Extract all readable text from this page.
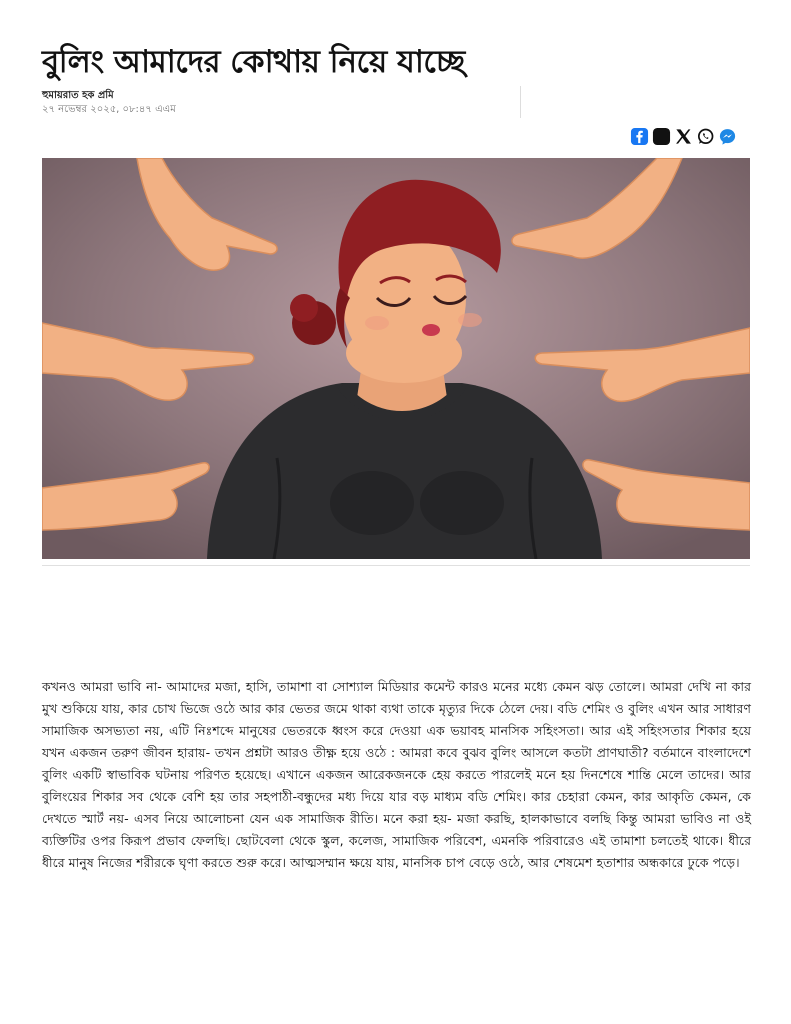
বুলিং আমাদের কোথায় নিয়ে যাচ্ছে
হুমায়রাত হক প্রমি
২৭ নভেম্বর ২০২৫, ০৮:৪৭ এএম

কখনও আমরা ভাবি না- আমাদের মজা, হাসি, তামাশা বা সোশ্যাল মিডিয়ার কমেন্ট কারও মনের মধ্যে কেমন ঝড় তোলে। আমরা দেখি না কার মুখ শুকিয়ে যায়, কার চোখ ভিজে ওঠে আর কার ভেতর জমে থাকা ব্যথা তাকে মৃত্যুর দিকে ঠেলে দেয়। বডি শেমিং ও বুলিং এখন আর সাধারণ সামাজিক অসভ্যতা নয়, এটি নিঃশব্দে মানুষের ভেতরকে ধ্বংস করে দেওয়া এক ভয়াবহ মানসিক সহিংসতা। আর এই সহিংসতার শিকার হয়ে যখন একজন তরুণ জীবন হারায়- তখন প্রশ্নটা আরও তীক্ষ্ণ হয়ে ওঠে : আমরা কবে বুঝব বুলিং আসলে কতটা প্রাণঘাতী? বর্তমানে বাংলাদেশে বুলিং একটি স্বাভাবিক ঘটনায় পরিণত হয়েছে। এখানে একজন আরেকজনকে হেয় করতে পারলেই মনে হয় দিনশেষে শান্তি মেলে তাদের। আর বুলিংয়ের শিকার সব থেকে বেশি হয় তার সহপাঠী-বন্ধুদের মধ্য দিয়ে যার বড় মাধ্যম বডি শেমিং। কার চেহারা কেমন, কার আকৃতি কেমন, কে দেখতে স্মার্ট নয়- এসব নিয়ে আলোচনা যেন এক সামাজিক রীতি। মনে করা হয়- মজা করছি, হালকাভাবে বলছি কিন্তু আমরা ভাবিও না ওই ব্যক্তিটির ওপর কিরূপ প্রভাব ফেলছি। ছোটবেলা থেকে স্কুল, কলেজ, সামাজিক পরিবেশ, এমনকি পরিবারেও এই তামাশা চলতেই থাকে। ধীরে ধীরে মানুষ নিজের শরীরকে ঘৃণা করতে শুরু করে। আত্মসম্মান ক্ষয়ে যায়, মানসিক চাপ বেড়ে ওঠে, আর শেষমেশ হতাশার অন্ধকারে ঢুকে পড়ে।
